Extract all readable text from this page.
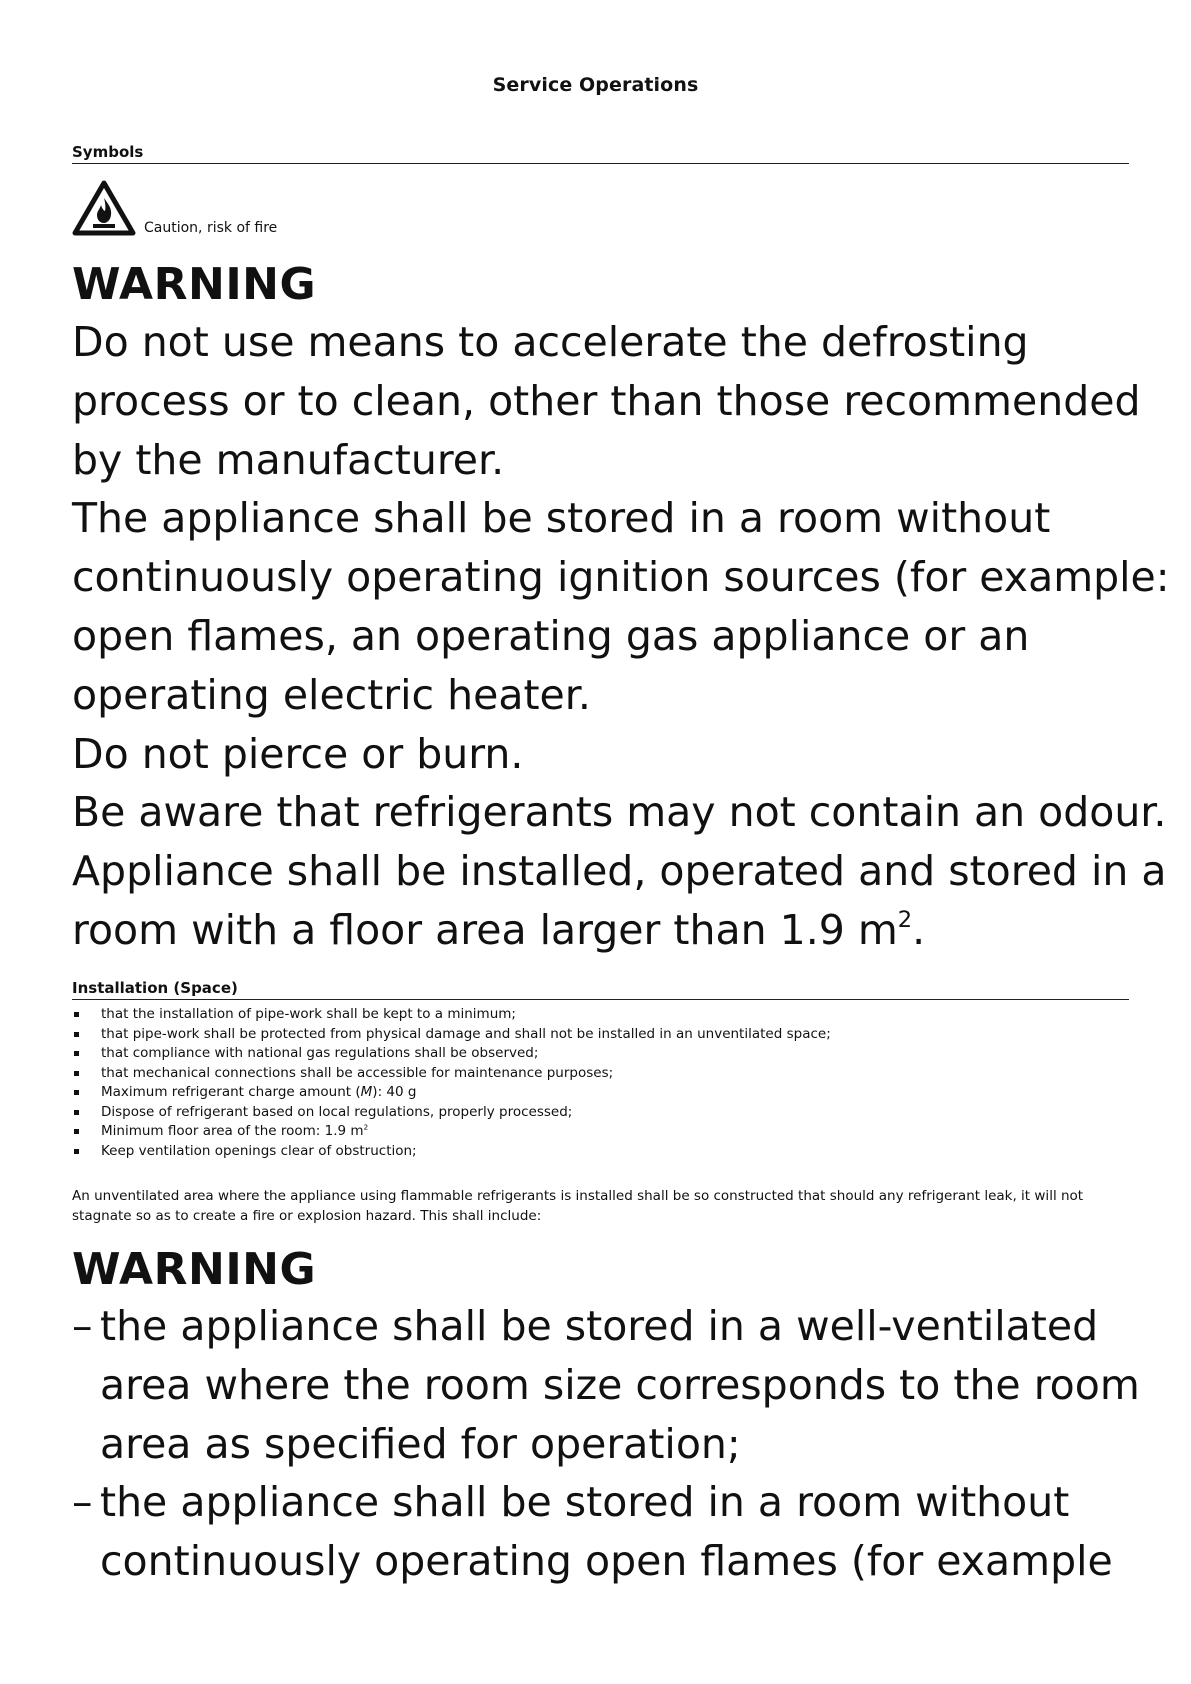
Service Operations
Symbols
Caution, risk of fire
WARNING

Do not use means to accelerate the defrosting

process or to clean, other than those recommended

by the manufacturer.

The appliance shall be stored in a room without

continuously operating ignition sources (for example:

open flames, an operating gas appliance or an

operating electric heater.

Do not pierce or burn.

Be aware that refrigerants may not contain an odour.

Appliance shall be installed, operated and stored in a

room with a floor area larger than 1.9 $m^2$.

Installation (Space)
that the installation of pipe-work shall be kept to a minimum;
that pipe-work shall be protected from physical damage and shall not be installed in an unventilated space;
that compliance with national gas regulations shall be observed;
that mechanical connections shall be accessible for maintenance purposes;
Maximum refrigerant charge amount (M): 40 g
Dispose of refrigerant based on local regulations, properly processed;
Minimum floor area of the room: 1.9 $m^2$
Keep ventilation openings clear of obstruction;

An unventilated area where the appliance using flammable refrigerants is installed shall be so constructed that should any refrigerant leak, it will not stagnate so as to create a fire or explosion hazard. This shall include:

WARNING
– the appliance shall be stored in a well-ventilated
area where the room size corresponds to the room
area as specified for operation;
– the appliance shall be stored in a room without
continuously operating open flames (for example
